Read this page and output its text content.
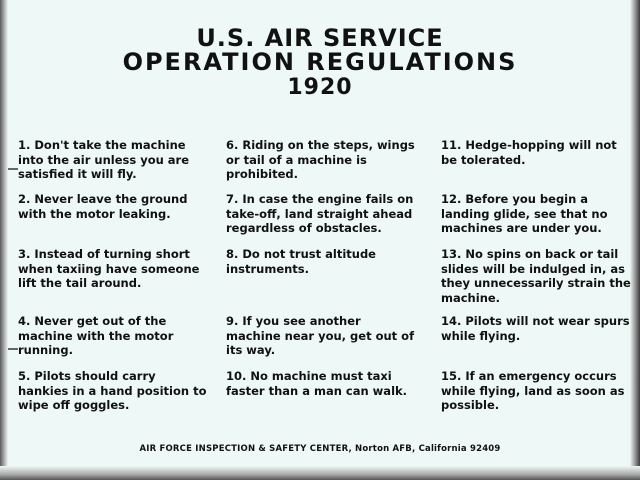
U.S. AIR SERVICE
OPERATION REGULATIONS
1920
1. Don't take the machine
into the air unless you are
satisfied it will fly.
2. Never leave the ground
with the motor leaking.
3. Instead of turning short
when taxiing have someone
lift the tail around.
4. Never get out of the
machine with the motor
running.
5. Pilots should carry
hankies in a hand position to
wipe off goggles.
6. Riding on the steps, wings
or tail of a machine is
prohibited.
7. In case the engine fails on
take-off, land straight ahead
regardless of obstacles.
8. Do not trust altitude
instruments.
9. If you see another
machine near you, get out of
its way.
10. No machine must taxi
faster than a man can walk.
11. Hedge-hopping will not
be tolerated.
12. Before you begin a
landing glide, see that no
machines are under you.
13. No spins on back or tail
slides will be indulged in, as
they unnecessarily strain the
machine.
14. Pilots will not wear spurs
while flying.
15. If an emergency occurs
while flying, land as soon as
possible.
AIR FORCE INSPECTION & SAFETY CENTER, Norton AFB, California 92409
